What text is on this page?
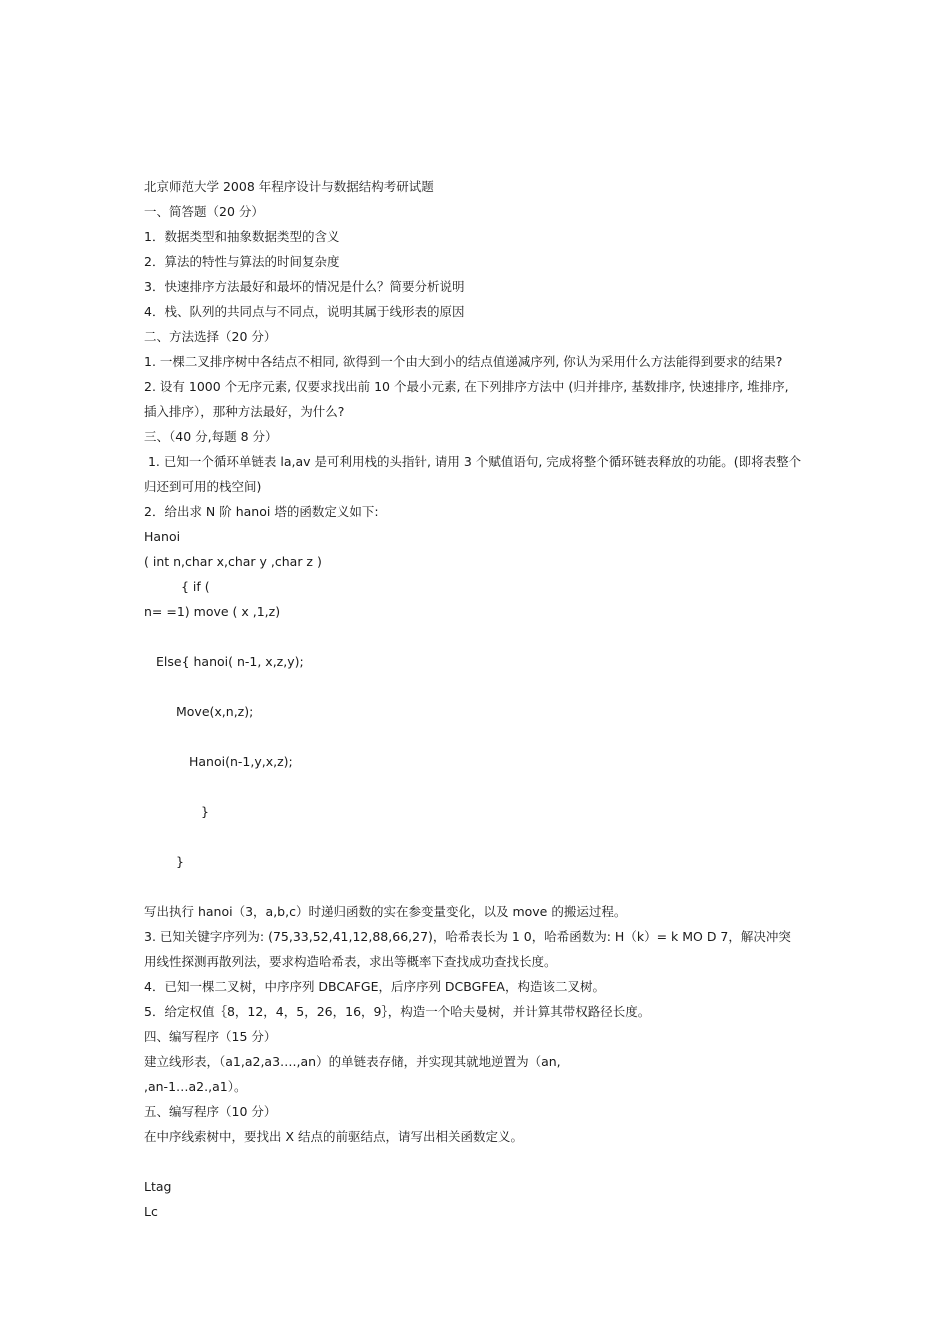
北京师范大学 2008 年程序设计与数据结构考研试题
一、简答题（20 分）
1．数据类型和抽象数据类型的含义
2．算法的特性与算法的时间复杂度
3．快速排序方法最好和最坏的情况是什么？简要分析说明
4．栈、队列的共同点与不同点，说明其属于线形表的原因
二、方法选择（20 分）
1. 一棵二叉排序树中各结点不相同, 欲得到一个由大到小的结点值递减序列, 你认为采用什么方法能得到要求的结果?
2. 设有 1000 个无序元素, 仅要求找出前 10 个最小元素, 在下列排序方法中 (归并排序, 基数排序, 快速排序, 堆排序,
插入排序），那种方法最好，为什么?
三、（40 分,每题 8 分）
1. 已知一个循环单链表 la,av 是可利用栈的头指针, 请用 3 个赋值语句, 完成将整个循环链表释放的功能。(即将表整个
归还到可用的栈空间)
2．给出求 N 阶 hanoi 塔的函数定义如下:
Hanoi
( int n,char x,char y ,char z )
{ if (
n= =1) move ( x ,1,z)
Else{ hanoi( n-1, x,z,y);
Move(x,n,z);
Hanoi(n-1,y,x,z);
}
}
写出执行 hanoi（3，a,b,c）时递归函数的实在参变量变化，以及 move 的搬运过程。
3. 已知关键字序列为: (75,33,52,41,12,88,66,27)，哈希表长为 1 0，哈希函数为: H（k）= k MO D 7，解决冲突
用线性探测再散列法，要求构造哈希表，求出等概率下查找成功查找长度。
4．已知一棵二叉树，中序序列 DBCAFGE，后序序列 DCBGFEA，构造该二叉树。
5．给定权值｛8，12，4，5，26，16，9｝，构造一个哈夫曼树，并计算其带权路径长度。
四、编写程序（15 分）
建立线形表，（a1,a2,a3….,an）的单链表存储，并实现其就地逆置为（an,
,an-1…a2.,a1）。
五、编写程序（10 分）
在中序线索树中，要找出 X 结点的前驱结点，请写出相关函数定义。
Ltag
Lc
